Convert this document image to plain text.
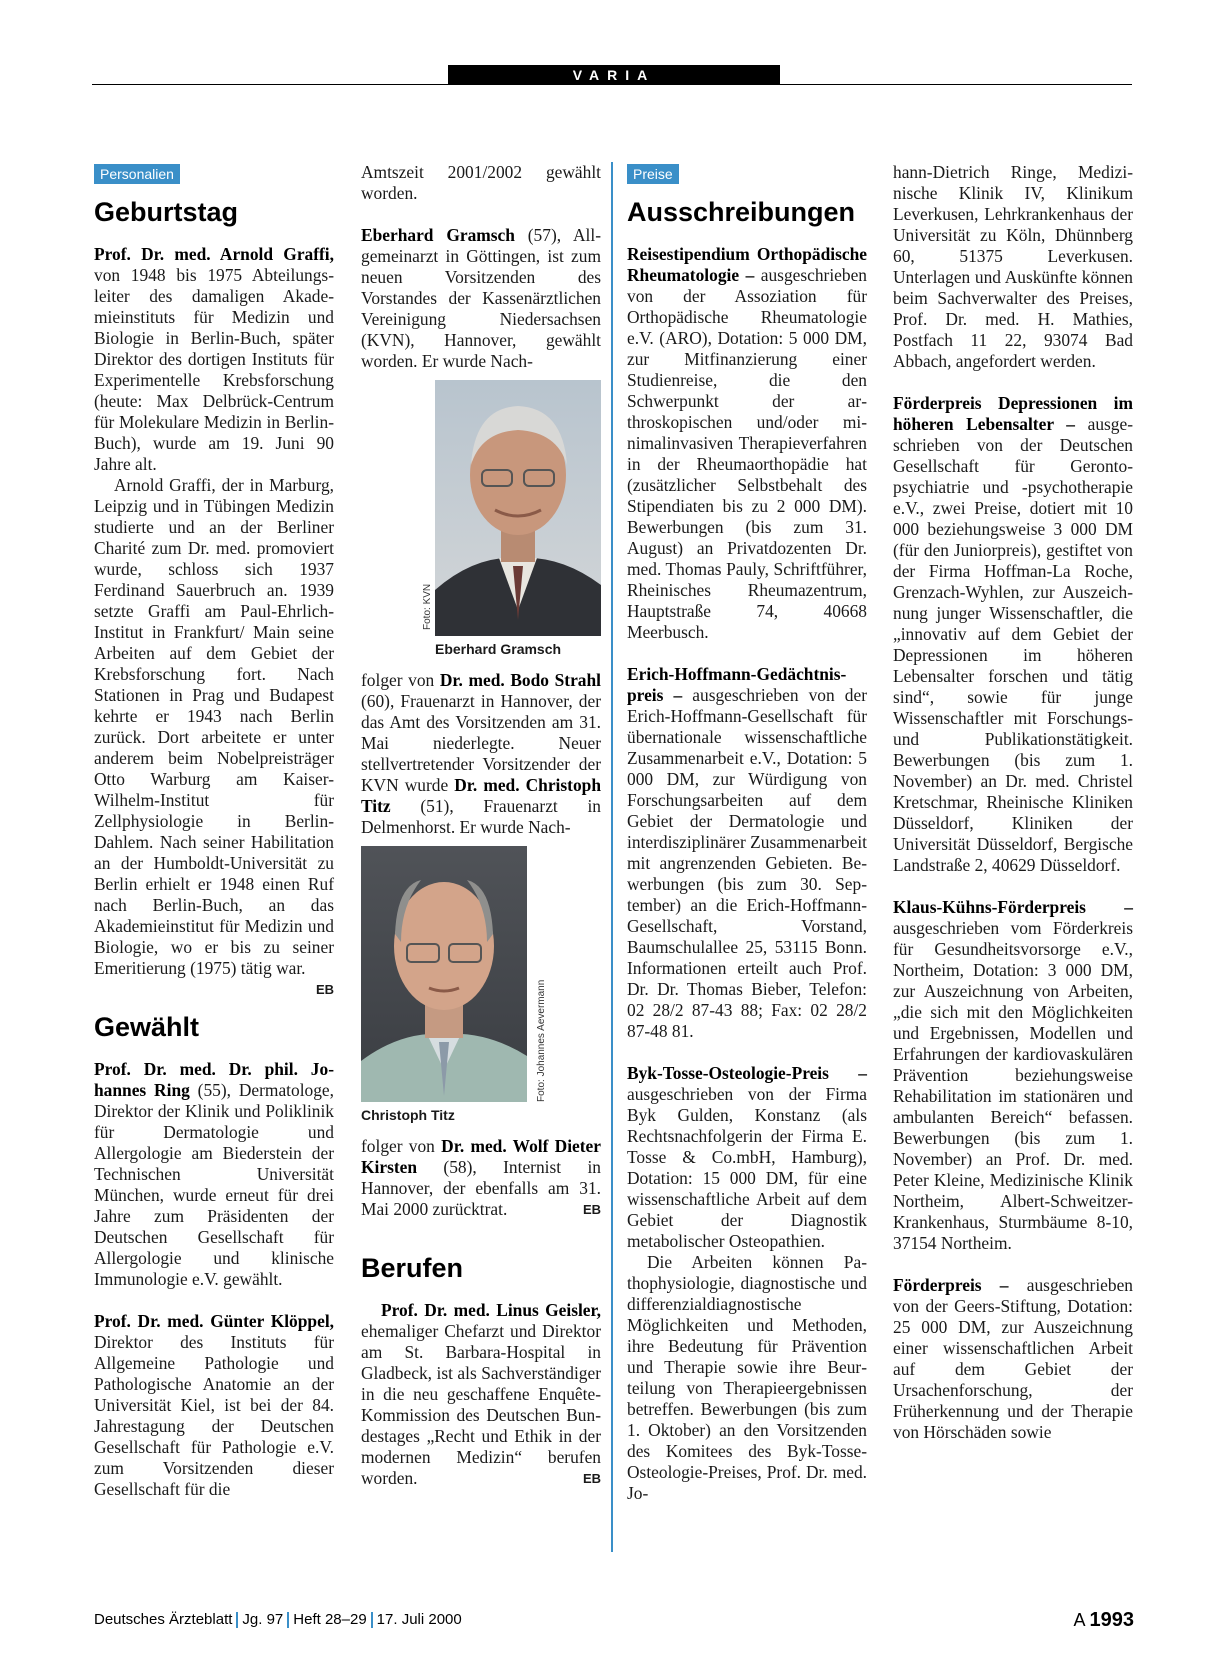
VARIA
Personalien
Geburtstag

Prof. Dr. med. Arnold Graffi, von 1948 bis 1975 Abteilungsleiter des damaligen Akademieinstituts für Medizin und Biologie in Berlin-Buch, später Direktor des dortigen Instituts für Experimentelle Krebsforschung (heute: Max Delbrück-Centrum für Molekulare Medizin in Berlin-Buch), wurde am 19. Juni 90 Jahre alt.

Arnold Graffi, der in Marburg, Leipzig und in Tübingen Medizin studierte und an der Berliner Charité zum Dr. med. promoviert wurde, schloss sich 1937 Ferdinand Sauerbruch an. 1939 setzte Graffi am Paul-Ehrlich-Institut in Frankfurt/ Main seine Arbeiten auf dem Gebiet der Krebsforschung fort. Nach Stationen in Prag und Budapest kehrte er 1943 nach Berlin zurück. Dort arbeitete er unter anderem beim Nobelpreisträger Otto Warburg am Kaiser-Wilhelm-Institut für Zellphysiologie in Berlin-Dahlem. Nach seiner Habilitation an der Humboldt-Universität zu Berlin erhielt er 1948 einen Ruf nach Berlin-Buch, an das Akademieinstitut für Medizin und Biologie, wo er bis zu seiner Emeritierung (1975) tätig war.
EB

Gewählt

Prof. Dr. med. Dr. phil. Johannes Ring (55), Dermatologe, Direktor der Klinik und Poliklinik für Dermatologie und Allergologie am Biederstein der Technischen Universität München, wurde erneut für drei Jahre zum Präsidenten der Deutschen Gesellschaft für Allergologie und klinische Immunologie e.V. gewählt.

Prof. Dr. med. Günter Klöppel, Direktor des Instituts für Allgemeine Pathologie und Pathologische Anatomie an der Universität Kiel, ist bei der 84. Jahrestagung der Deutschen Gesellschaft für Pathologie e.V. zum Vorsitzenden dieser Gesellschaft für die

Amtszeit 2001/2002 gewählt worden.

Eberhard Gramsch (57), Allgemeinarzt in Göttingen, ist zum neuen Vorsitzenden des Vorstandes der Kassenärztlichen Vereinigung Niedersachsen (KVN), Hannover, gewählt worden. Er wurde Nach-

Foto: KVN
Eberhard Gramsch

folger von Dr. med. Bodo Strahl (60), Frauenarzt in Hannover, der das Amt des Vorsitzenden am 31. Mai niederlegte. Neuer stellvertretender Vorsitzender der KVN wurde Dr. med. Christoph Titz (51), Frauenarzt in Delmenhorst. Er wurde Nach-

Foto: Johannes Aevermann
Christoph Titz

folger von Dr. med. Wolf Dieter Kirsten (58), Internist in Hannover, der ebenfalls am 31. Mai 2000 zurücktrat.	EB

Berufen

Prof. Dr. med. Linus Geisler, ehemaliger Chefarzt und Direktor am St. Barbara-Hospital in Gladbeck, ist als Sachverständiger in die neu geschaffene Enquête-Kommission des Deutschen Bundestages „Recht und Ethik in der modernen Medizin“ berufen worden.	EB

Preise
Ausschreibungen

Reisestipendium Orthopädische Rheumatologie – ausgeschrieben von der Assoziation für Orthopädische Rheumatologie e.V. (ARO), Dotation: 5 000 DM, zur Mitfinanzierung einer Studienreise, die den Schwerpunkt der arthroskopischen und/oder minimalinvasiven Therapieverfahren in der Rheumaorthopädie hat (zusätzlicher Selbstbehalt des Stipendiaten bis zu 2 000 DM). Bewerbungen (bis zum 31. August) an Privatdozenten Dr. med. Thomas Pauly, Schriftführer, Rheinisches Rheumazentrum, Hauptstraße 74, 40668 Meerbusch.

Erich-Hoffmann-Gedächtnispreis – ausgeschrieben von der Erich-Hoffmann-Gesellschaft für übernationale wissenschaftliche Zusammenarbeit e.V., Dotation: 5 000 DM, zur Würdigung von Forschungsarbeiten auf dem Gebiet der Dermatologie und interdisziplinärer Zusammenarbeit mit angrenzenden Gebieten. Bewerbungen (bis zum 30. September) an die Erich-Hoffmann-Gesellschaft, Vorstand, Baumschulallee 25, 53115 Bonn. Informationen erteilt auch Prof. Dr. Dr. Thomas Bieber, Telefon: 02 28/2 87-43 88; Fax: 02 28/2 87-48 81.

Byk-Tosse-Osteologie-Preis – ausgeschrieben von der Firma Byk Gulden, Konstanz (als Rechtsnachfolgerin der Firma E. Tosse & Co.mbH, Hamburg), Dotation: 15 000 DM, für eine wissenschaftliche Arbeit auf dem Gebiet der Diagnostik metabolischer Osteopathien.

Die Arbeiten können Pathophysiologie, diagnostische und differenzialdiagnostische Möglichkeiten und Methoden, ihre Bedeutung für Prävention und Therapie sowie ihre Beurteilung von Therapieergebnissen betreffen. Bewerbungen (bis zum 1. Oktober) an den Vorsitzenden des Komitees des Byk-Tosse-Osteologie-Preises, Prof. Dr. med. Jo-

hann-Dietrich Ringe, Medizinische Klinik IV, Klinikum Leverkusen, Lehrkrankenhaus der Universität zu Köln, Dhünnberg 60, 51375 Leverkusen. Unterlagen und Auskünfte können beim Sachverwalter des Preises, Prof. Dr. med. H. Mathies, Postfach 11 22, 93074 Bad Abbach, angefordert werden.

Förderpreis Depressionen im höheren Lebensalter – ausgeschrieben von der Deutschen Gesellschaft für Gerontopsychiatrie und -psychotherapie e.V., zwei Preise, dotiert mit 10 000 beziehungsweise 3 000 DM (für den Juniorpreis), gestiftet von der Firma Hoffman-La Roche, Grenzach-Wyhlen, zur Auszeichnung junger Wissenschaftler, die „innovativ auf dem Gebiet der Depressionen im höheren Lebensalter forschen und tätig sind“, sowie für junge Wissenschaftler mit Forschungs- und Publikationstätigkeit. Bewerbungen (bis zum 1. November) an Dr. med. Christel Kretschmar, Rheinische Kliniken Düsseldorf, Kliniken der Universität Düsseldorf, Bergische Landstraße 2, 40629 Düsseldorf.

Klaus-Kühns-Förderpreis – ausgeschrieben vom Förderkreis für Gesundheitsvorsorge e.V., Northeim, Dotation: 3 000 DM, zur Auszeichnung von Arbeiten, „die sich mit den Möglichkeiten und Ergebnissen, Modellen und Erfahrungen der kardiovaskulären Prävention beziehungsweise Rehabilitation im stationären und ambulanten Bereich“ befassen. Bewerbungen (bis zum 1. November) an Prof. Dr. med. Peter Kleine, Medizinische Klinik Northeim, Albert-Schweitzer-Krankenhaus, Sturmbäume 8-10, 37154 Northeim.

Förderpreis – ausgeschrieben von der Geers-Stiftung, Dotation: 25 000 DM, zur Auszeichnung einer wissenschaftlichen Arbeit auf dem Gebiet der Ursachenforschung, der Früherkennung und der Therapie von Hörschäden sowie

Deutsches Ärzteblatt Jg. 97 Heft 28–29 17. Juli 2000	A 1993
